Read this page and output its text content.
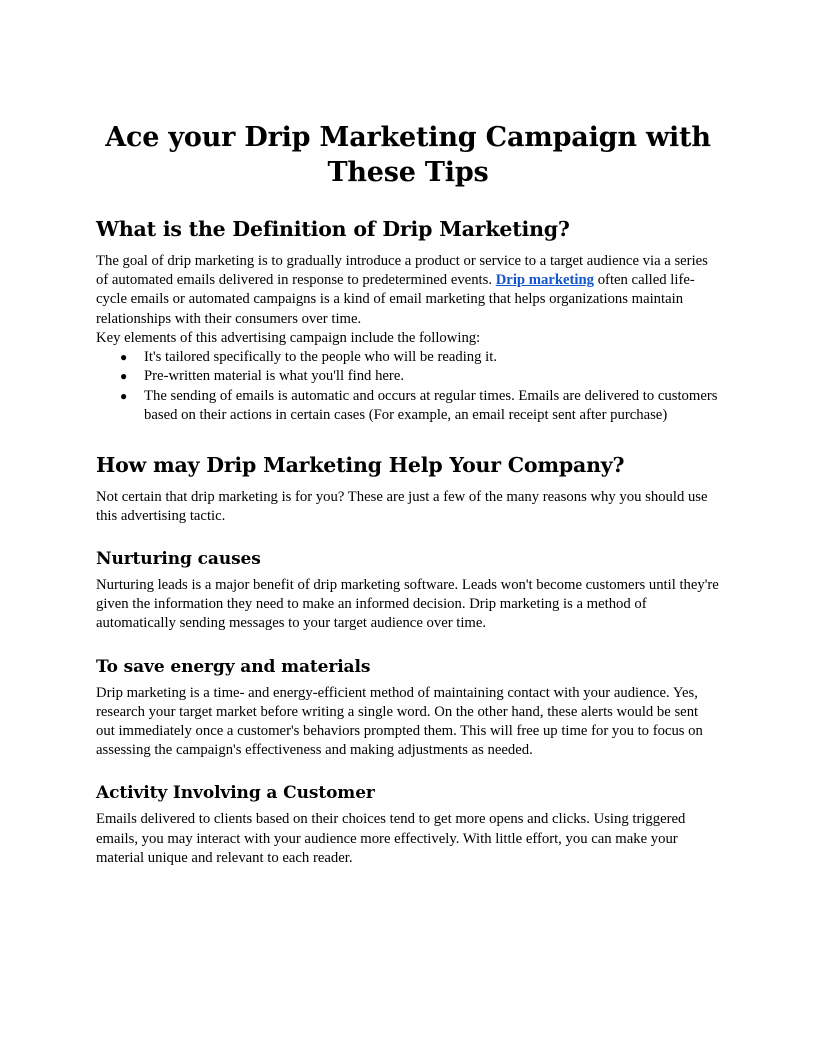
Ace your Drip Marketing Campaign with
These Tips
What is the Definition of Drip Marketing?

The goal of drip marketing is to gradually introduce a product or service to a target audience via a series of automated emails delivered in response to predetermined events. Drip marketing often called life-cycle emails or automated campaigns is a kind of email marketing that helps organizations maintain relationships with their consumers over time.

Key elements of this advertising campaign include the following:

● It's tailored specifically to the people who will be reading it.
● Pre-written material is what you'll find here.
● The sending of emails is automatic and occurs at regular times. Emails are delivered to customers based on their actions in certain cases (For example, an email receipt sent after purchase)
How may Drip Marketing Help Your Company?

Not certain that drip marketing is for you? These are just a few of the many reasons why you should use this advertising tactic.

Nurturing causes

Nurturing leads is a major benefit of drip marketing software. Leads won't become customers until they're given the information they need to make an informed decision. Drip marketing is a method of automatically sending messages to your target audience over time.

To save energy and materials

Drip marketing is a time- and energy-efficient method of maintaining contact with your audience. Yes, research your target market before writing a single word. On the other hand, these alerts would be sent out immediately once a customer's behaviors prompted them. This will free up time for you to focus on assessing the campaign's effectiveness and making adjustments as needed.

Activity Involving a Customer

Emails delivered to clients based on their choices tend to get more opens and clicks. Using triggered emails, you may interact with your audience more effectively. With little effort, you can make your material unique and relevant to each reader.
